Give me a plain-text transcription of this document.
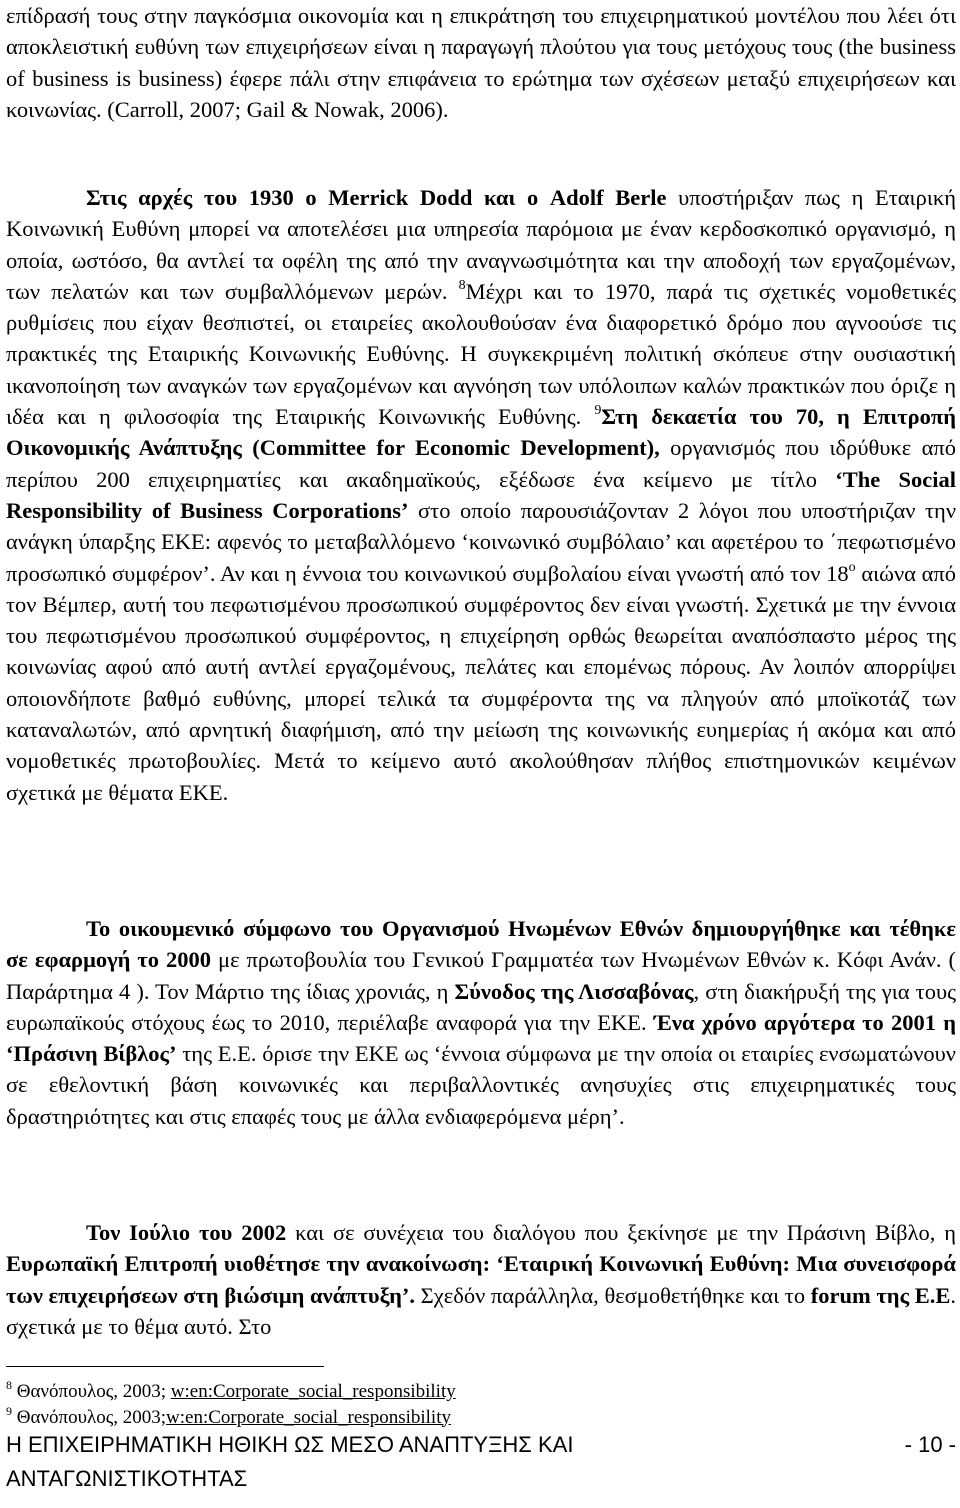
επίδρασή τους στην παγκόσμια οικονομία και η επικράτηση του επιχειρηματικού μοντέλου που λέει ότι αποκλειστική ευθύνη των επιχειρήσεων είναι η παραγωγή πλούτου για τους μετόχους τους (the business of business is business) έφερε πάλι στην επιφάνεια το ερώτημα των σχέσεων μεταξύ επιχειρήσεων και κοινωνίας. (Carroll, 2007; Gail & Nowak, 2006).

Στις αρχές του 1930 ο Merrick Dodd και ο Adolf Berle υποστήριξαν πως η Εταιρική Κοινωνική Ευθύνη μπορεί να αποτελέσει μια υπηρεσία παρόμοια με έναν κερδοσκοπικό οργανισμό, η οποία, ωστόσο, θα αντλεί τα οφέλη της από την αναγνωσιμότητα και την αποδοχή των εργαζομένων, των πελατών και των συμβαλλόμενων μερών. $^8$Μέχρι και το 1970, παρά τις σχετικές νομοθετικές ρυθμίσεις που είχαν θεσπιστεί, οι εταιρείες ακολουθούσαν ένα διαφορετικό δρόμο που αγνοούσε τις πρακτικές της Εταιρικής Κοινωνικής Ευθύνης. Η συγκεκριμένη πολιτική σκόπευε στην ουσιαστική ικανοποίηση των αναγκών των εργαζομένων και αγνόηση των υπόλοιπων καλών πρακτικών που όριζε η ιδέα και η φιλοσοφία της Εταιρικής Κοινωνικής Ευθύνης. $^9$Στη δεκαετία του 70, η Επιτροπή Οικονομικής Ανάπτυξης (Committee for Economic Development), οργανισμός που ιδρύθυκε από περίπου 200 επιχειρηματίες και ακαδημαϊκούς, εξέδωσε ένα κείμενο με τίτλο ‘The Social Responsibility of Business Corporations’ στο οποίο παρουσιάζονταν 2 λόγοι που υποστήριζαν την ανάγκη ύπαρξης ΕΚΕ: αφενός το μεταβαλλόμενο ‘κοινωνικό συμβόλαιο’ και αφετέρου το ΄πεφωτισμένο προσωπικό συμφέρον’. Αν και η έννοια του κοινωνικού συμβολαίου είναι γνωστή από τον $18^o$ αιώνα από τον Βέμπερ, αυτή του πεφωτισμένου προσωπικού συμφέροντος δεν είναι γνωστή. Σχετικά με την έννοια του πεφωτισμένου προσωπικού συμφέροντος, η επιχείρηση ορθώς θεωρείται αναπόσπαστο μέρος της κοινωνίας αφού από αυτή αντλεί εργαζομένους, πελάτες και επομένως πόρους. Αν λοιπόν απορρίψει οποιονδήποτε βαθμό ευθύνης, μπορεί τελικά τα συμφέροντα της να πληγούν από μποϊκοτάζ των καταναλωτών, από αρνητική διαφήμιση, από την μείωση της κοινωνικής ευημερίας ή ακόμα και από νομοθετικές πρωτοβουλίες. Μετά το κείμενο αυτό ακολούθησαν πλήθος επιστημονικών κειμένων σχετικά με θέματα ΕΚΕ.

Το οικουμενικό σύμφωνο του Οργανισμού Ηνωμένων Εθνών δημιουργήθηκε και τέθηκε σε εφαρμογή το 2000 με πρωτοβουλία του Γενικού Γραμματέα των Ηνωμένων Εθνών κ. Κόφι Ανάν. ( Παράρτημα 4 ). Τον Μάρτιο της ίδιας χρονιάς, η Σύνοδος της Λισσαβόνας, στη διακήρυξή της για τους ευρωπαϊκούς στόχους έως το 2010, περιέλαβε αναφορά για την ΕΚΕ. Ένα χρόνο αργότερα το 2001 η ‘Πράσινη Βίβλος’ της Ε.Ε. όρισε την ΕΚΕ ως ‘έννοια σύμφωνα με την οποία οι εταιρίες ενσωματώνουν σε εθελοντική βάση κοινωνικές και περιβαλλοντικές ανησυχίες στις επιχειρηματικές τους δραστηριότητες και στις επαφές τους με άλλα ενδιαφερόμενα μέρη’.

Τον Ιούλιο του 2002 και σε συνέχεια του διαλόγου που ξεκίνησε με την Πράσινη Βίβλο, η Ευρωπαϊκή Επιτροπή υιοθέτησε την ανακοίνωση: ‘Εταιρική Κοινωνική Ευθύνη: Μια συνεισφορά των επιχειρήσεων στη βιώσιμη ανάπτυξη’. Σχεδόν παράλληλα, θεσμοθετήθηκε και το forum της Ε.Ε. σχετικά με το θέμα αυτό. Στο

$^8$ Θανόπουλος, 2003; w:en:Corporate_social_responsibility
$^9$ Θανόπουλος, 2003;w:en:Corporate_social_responsibility
Η ΕΠΙΧΕΙΡΗΜΑΤΙΚΗ ΗΘΙΚΗ ΩΣ ΜΕΣΟ ΑΝΑΠΤΥΞΗΣ ΚΑΙ ΑΝΤΑΓΩΝΙΣΤΙΚΟΤΗΤΑΣ
- 10 -
